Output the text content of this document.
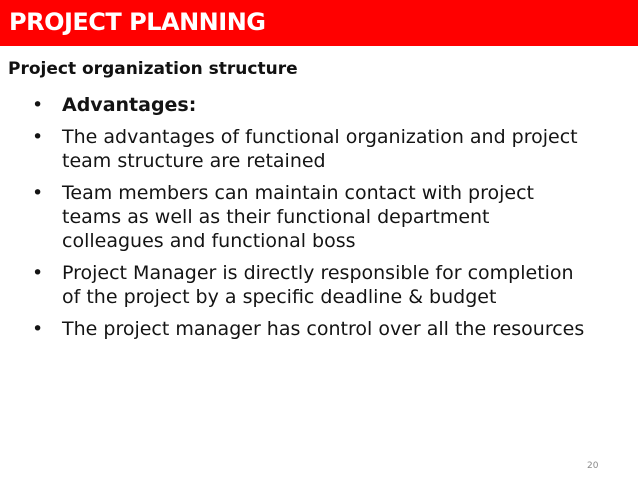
PROJECT PLANNING
Project organization structure
• Advantages:
• The advantages of functional organization and project team structure are retained
• Team members can maintain contact with project teams as well as their functional department colleagues and functional boss
• Project Manager is directly responsible for completion of the project by a specific deadline & budget
• The project manager has control over all the resources
20
